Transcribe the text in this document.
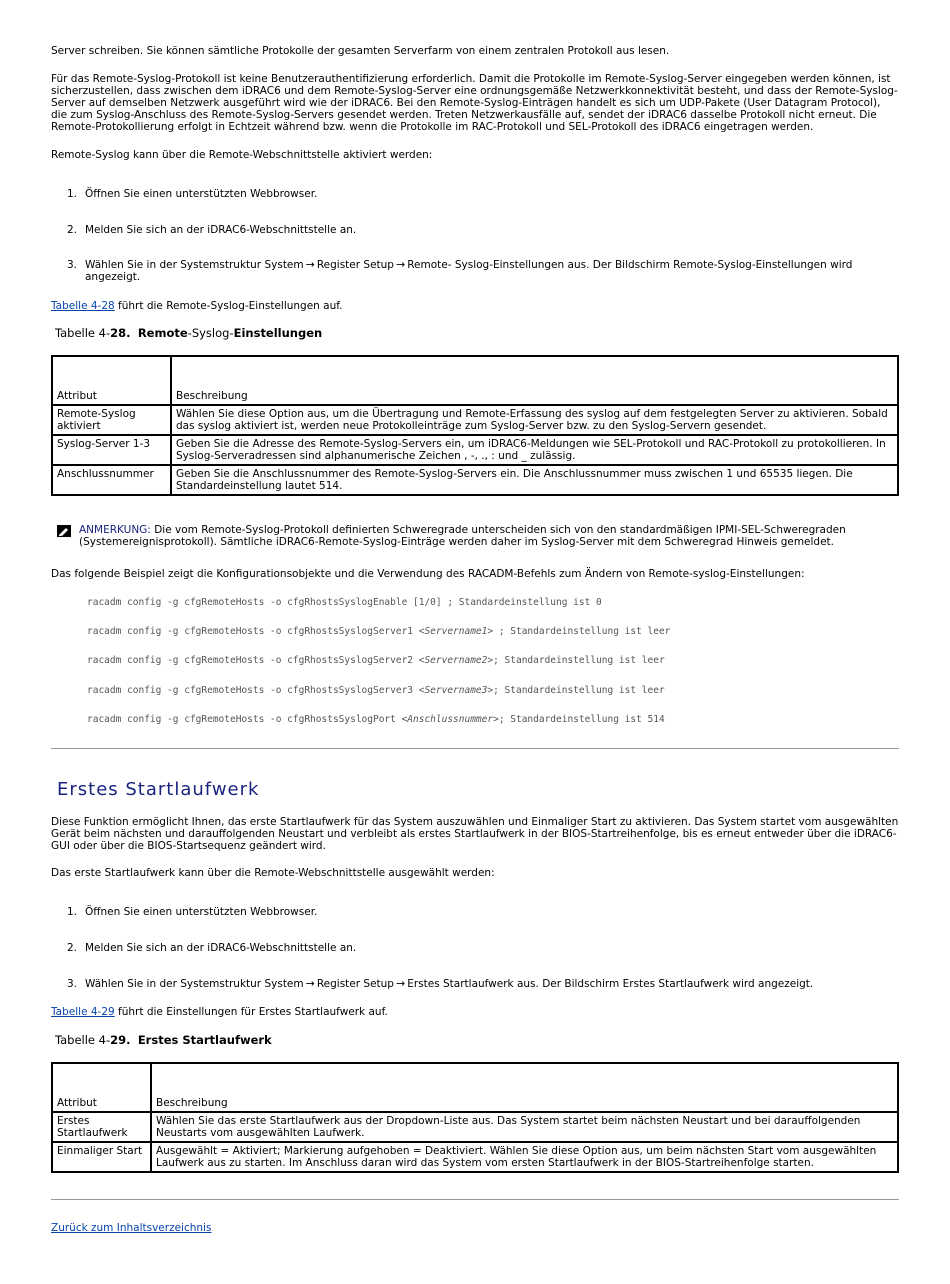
Server schreiben. Sie können sämtliche Protokolle der gesamten Serverfarm von einem zentralen Protokoll aus lesen.

Für das Remote-Syslog-Protokoll ist keine Benutzerauthentifizierung erforderlich. Damit die Protokolle im Remote-Syslog-Server eingegeben werden können, ist sicherzustellen, dass zwischen dem iDRAC6 und dem Remote-Syslog-Server eine ordnungsgemäße Netzwerkkonnektivität besteht, und dass der Remote-Syslog-Server auf demselben Netzwerk ausgeführt wird wie der iDRAC6. Bei den Remote-Syslog-Einträgen handelt es sich um UDP-Pakete (User Datagram Protocol), die zum Syslog-Anschluss des Remote-Syslog-Servers gesendet werden. Treten Netzwerkausfälle auf, sendet der iDRAC6 dasselbe Protokoll nicht erneut. Die Remote-Protokollierung erfolgt in Echtzeit während bzw. wenn die Protokolle im RAC-Protokoll und SEL-Protokoll des iDRAC6 eingetragen werden.

Remote-Syslog kann über die Remote-Webschnittstelle aktiviert werden:

1. Öffnen Sie einen unterstützten Webbrowser.
2. Melden Sie sich an der iDRAC6-Webschnittstelle an.
3. Wählen Sie in der Systemstruktur System → Register Setup → Remote- Syslog-Einstellungen aus. Der Bildschirm Remote-Syslog-Einstellungen wird angezeigt.

Tabelle 4-28 führt die Remote-Syslog-Einstellungen auf.

Tabelle 4-28. Remote-Syslog-Einstellungen
Attribut	Beschreibung
Remote-Syslog aktiviert	Wählen Sie diese Option aus, um die Übertragung und Remote-Erfassung des syslog auf dem festgelegten Server zu aktivieren. Sobald das syslog aktiviert ist, werden neue Protokolleinträge zum Syslog-Server bzw. zu den Syslog-Servern gesendet.
Syslog-Server 1-3	Geben Sie die Adresse des Remote-Syslog-Servers ein, um iDRAC6-Meldungen wie SEL-Protokoll und RAC-Protokoll zu protokollieren. In Syslog-Serveradressen sind alphanumerische Zeichen , -, ., : und _ zulässig.
Anschlussnummer	Geben Sie die Anschlussnummer des Remote-Syslog-Servers ein. Die Anschlussnummer muss zwischen 1 und 65535 liegen. Die Standardeinstellung lautet 514.

ANMERKUNG: Die vom Remote-Syslog-Protokoll definierten Schweregrade unterscheiden sich von den standardmäßigen IPMI-SEL-Schweregraden (Systemereignisprotokoll). Sämtliche iDRAC6-Remote-Syslog-Einträge werden daher im Syslog-Server mit dem Schweregrad Hinweis gemeldet.

Das folgende Beispiel zeigt die Konfigurationsobjekte und die Verwendung des RACADM-Befehls zum Ändern von Remote-syslog-Einstellungen:

racadm config -g cfgRemoteHosts -o cfgRhostsSyslogEnable [1/0] ; Standardeinstellung ist 0
racadm config -g cfgRemoteHosts -o cfgRhostsSyslogServer1 <Servername1> ; Standardeinstellung ist leer
racadm config -g cfgRemoteHosts -o cfgRhostsSyslogServer2 <Servername2>; Standardeinstellung ist leer
racadm config -g cfgRemoteHosts -o cfgRhostsSyslogServer3 <Servername3>; Standardeinstellung ist leer
racadm config -g cfgRemoteHosts -o cfgRhostsSyslogPort <Anschlussnummer>; Standardeinstellung ist 514
Erstes Startlaufwerk

Diese Funktion ermöglicht Ihnen, das erste Startlaufwerk für das System auszuwählen und Einmaliger Start zu aktivieren. Das System startet vom ausgewählten Gerät beim nächsten und darauffolgenden Neustart und verbleibt als erstes Startlaufwerk in der BIOS-Startreihenfolge, bis es erneut entweder über die iDRAC6-GUI oder über die BIOS-Startsequenz geändert wird.

Das erste Startlaufwerk kann über die Remote-Webschnittstelle ausgewählt werden:

1. Öffnen Sie einen unterstützten Webbrowser.
2. Melden Sie sich an der iDRAC6-Webschnittstelle an.
3. Wählen Sie in der Systemstruktur System → Register Setup → Erstes Startlaufwerk aus. Der Bildschirm Erstes Startlaufwerk wird angezeigt.

Tabelle 4-29 führt die Einstellungen für Erstes Startlaufwerk auf.

Tabelle 4-29. Erstes Startlaufwerk
Attribut	Beschreibung
Erstes Startlaufwerk	Wählen Sie das erste Startlaufwerk aus der Dropdown-Liste aus. Das System startet beim nächsten Neustart und bei darauffolgenden Neustarts vom ausgewählten Laufwerk.
Einmaliger Start	Ausgewählt = Aktiviert; Markierung aufgehoben = Deaktiviert. Wählen Sie diese Option aus, um beim nächsten Start vom ausgewählten Laufwerk aus zu starten. Im Anschluss daran wird das System vom ersten Startlaufwerk in der BIOS-Startreihenfolge starten.

Zurück zum Inhaltsverzeichnis
